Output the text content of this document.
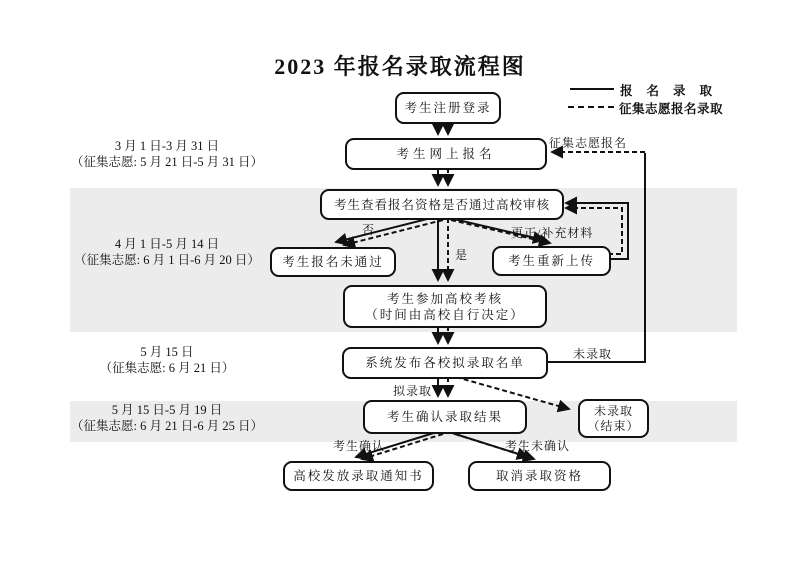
2023 年报名录取流程图
报名录取
征集志愿报名录取
3 月 1 日-3 月 31 日
（征集志愿: 5 月 21 日-5 月 31 日）
4 月 1 日-5 月 14 日
（征集志愿: 6 月 1 日-6 月 20 日）
5 月 15 日
（征集志愿: 6 月 21 日）
5 月 15 日-5 月 19 日
（征集志愿: 6 月 21 日-6 月 25 日）
考生注册登录
考生网上报名
考生查看报名资格是否通过高校审核
考生报名未通过	考生重新上传
考生参加高校考核
（时间由高校自行决定）
系统发布各校拟录取名单
考生确认录取结果	未录取
（结束）
高校发放录取通知书	取消录取资格
否	更正/补充材料
是
未录取
拟录取
征集志愿报名
考生确认	考生未确认
